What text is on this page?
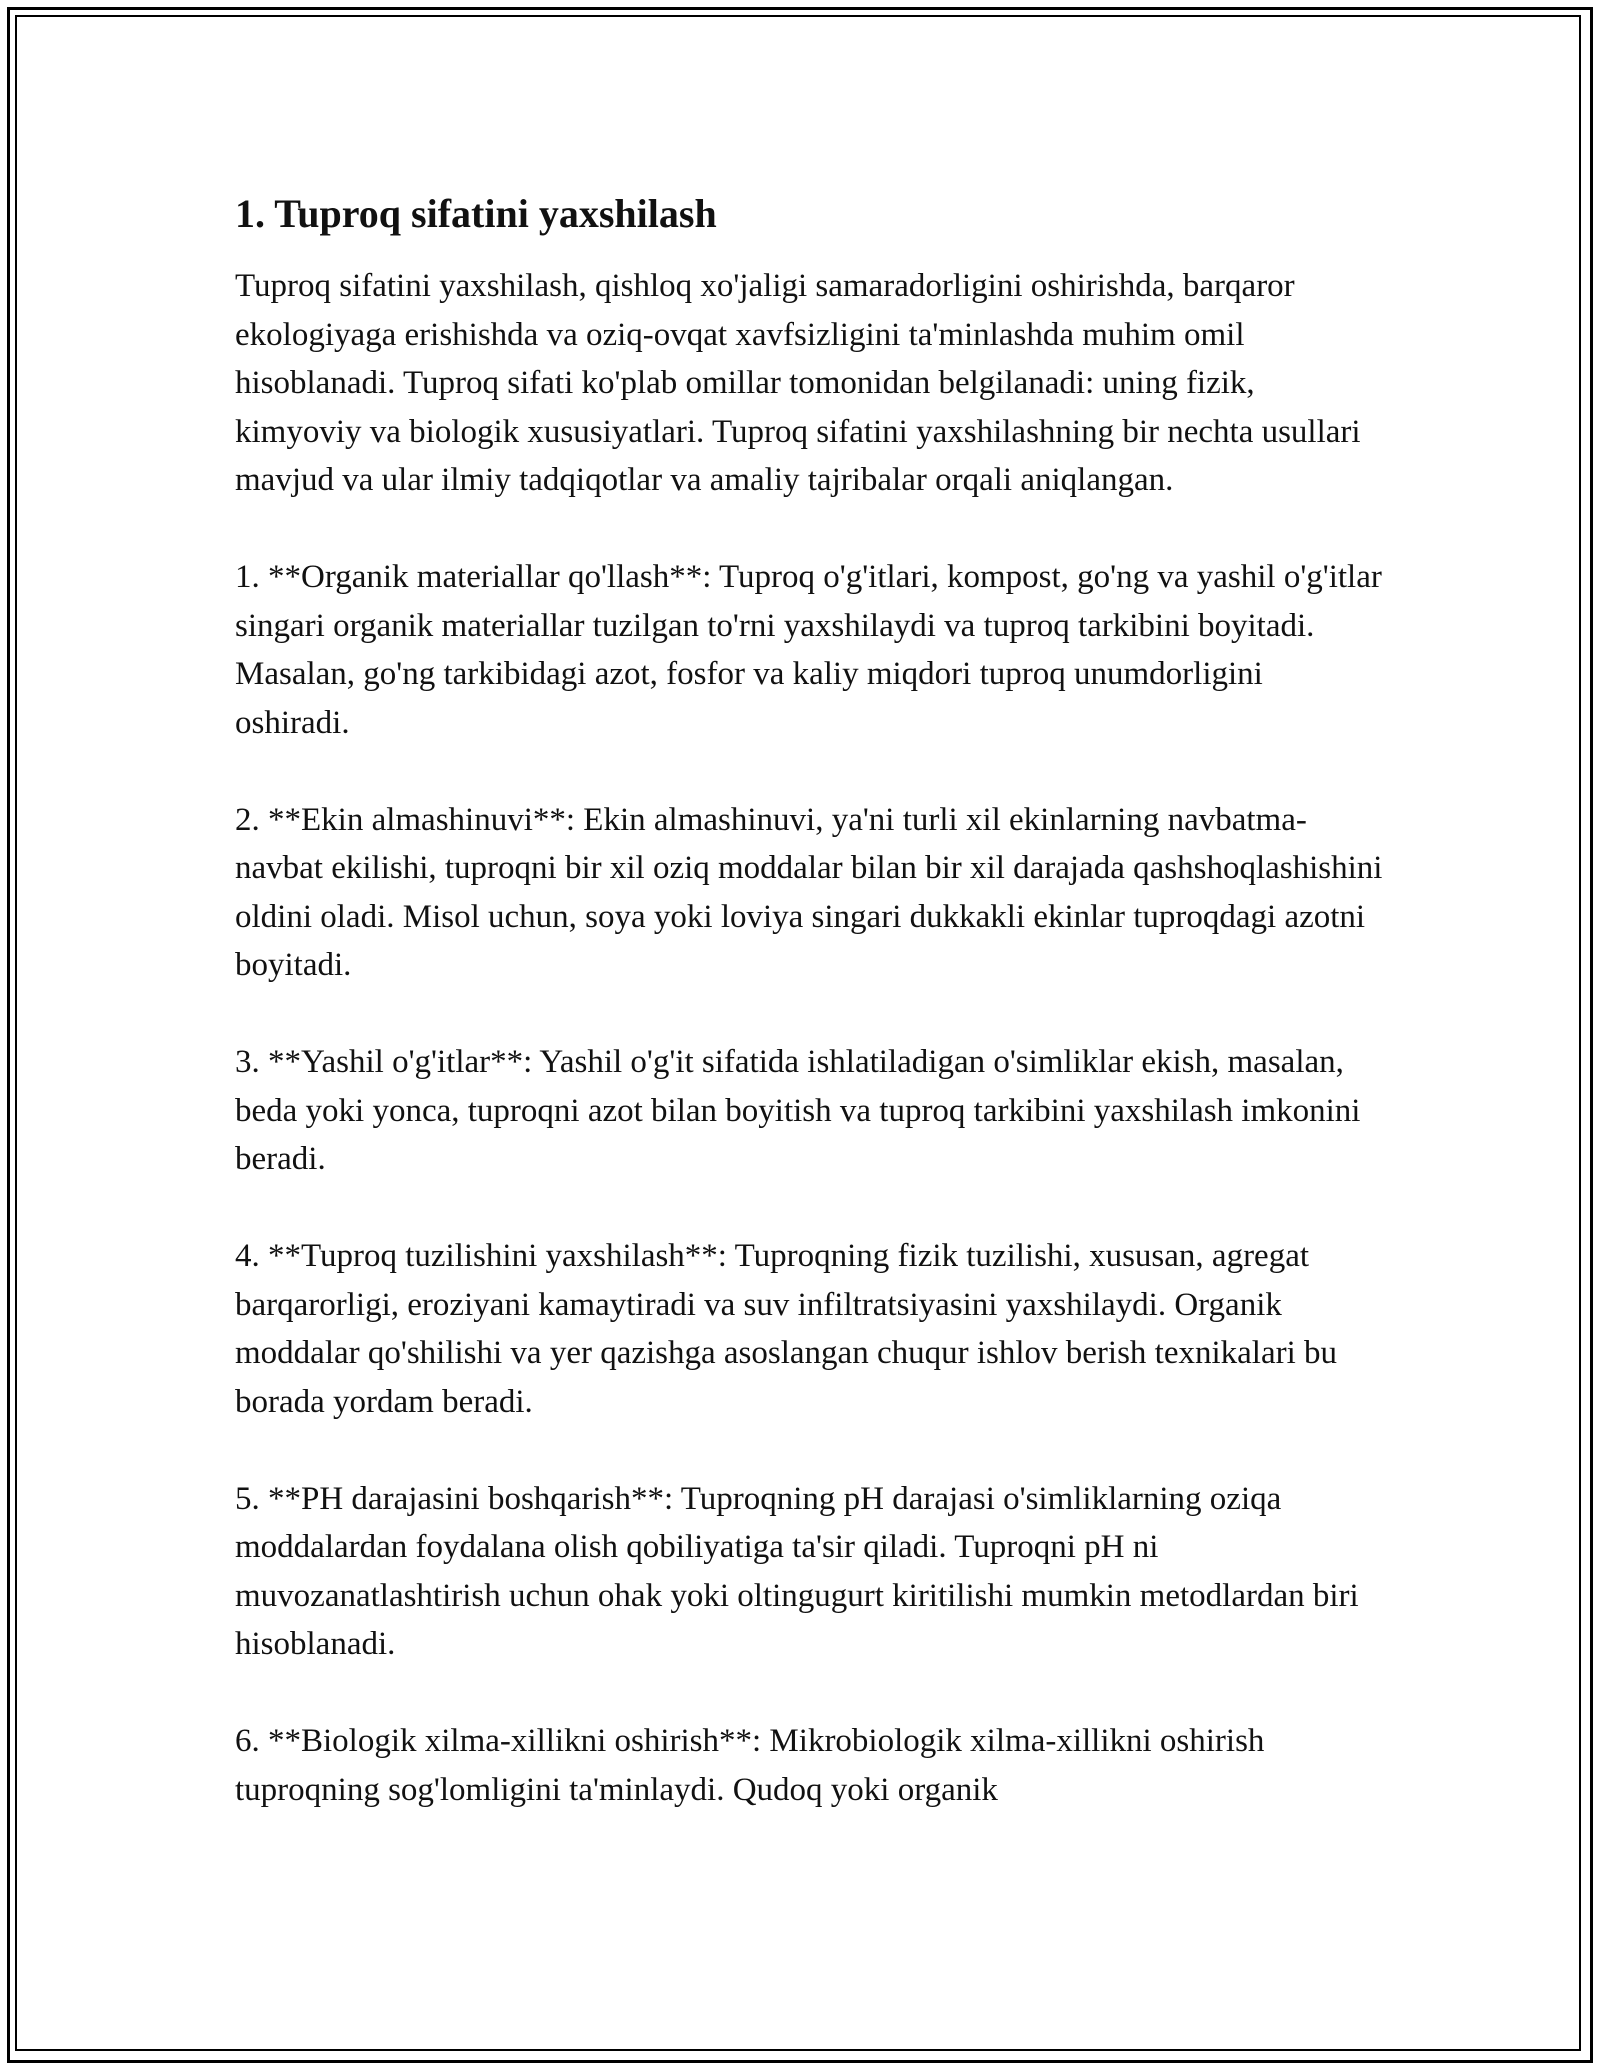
1. Tuproq sifatini yaxshilash

Tuproq sifatini yaxshilash, qishloq xo'jaligi samaradorligini oshirishda, barqaror ekologiyaga erishishda va oziq-ovqat xavfsizligini ta'minlashda muhim omil hisoblanadi. Tuproq sifati ko'plab omillar tomonidan belgilanadi: uning fizik, kimyoviy va biologik xususiyatlari. Tuproq sifatini yaxshilashning bir nechta usullari mavjud va ular ilmiy tadqiqotlar va amaliy tajribalar orqali aniqlangan.

1. **Organik materiallar qo'llash**: Tuproq o'g'itlari, kompost, go'ng va yashil o'g'itlar singari organik materiallar tuzilgan to'rni yaxshilaydi va tuproq tarkibini boyitadi. Masalan, go'ng tarkibidagi azot, fosfor va kaliy miqdori tuproq unumdorligini oshiradi.

2. **Ekin almashinuvi**: Ekin almashinuvi, ya'ni turli xil ekinlarning navbatma-navbat ekilishi, tuproqni bir xil oziq moddalar bilan bir xil darajada qashshoqlashishini oldini oladi. Misol uchun, soya yoki loviya singari dukkakli ekinlar tuproqdagi azotni boyitadi.

3. **Yashil o'g'itlar**: Yashil o'g'it sifatida ishlatiladigan o'simliklar ekish, masalan, beda yoki yonca, tuproqni azot bilan boyitish va tuproq tarkibini yaxshilash imkonini beradi.

4. **Tuproq tuzilishini yaxshilash**: Tuproqning fizik tuzilishi, xususan, agregat barqarorligi, eroziyani kamaytiradi va suv infiltratsiyasini yaxshilaydi. Organik moddalar qo'shilishi va yer qazishga asoslangan chuqur ishlov berish texnikalari bu borada yordam beradi.

5. **PH darajasini boshqarish**: Tuproqning pH darajasi o'simliklarning oziqa moddalardan foydalana olish qobiliyatiga ta'sir qiladi. Tuproqni pH ni muvozanatlashtirish uchun ohak yoki oltingugurt kiritilishi mumkin metodlardan biri hisoblanadi.

6. **Biologik xilma-xillikni oshirish**: Mikrobiologik xilma-xillikni oshirish tuproqning sog'lomligini ta'minlaydi. Qudoq yoki organik
